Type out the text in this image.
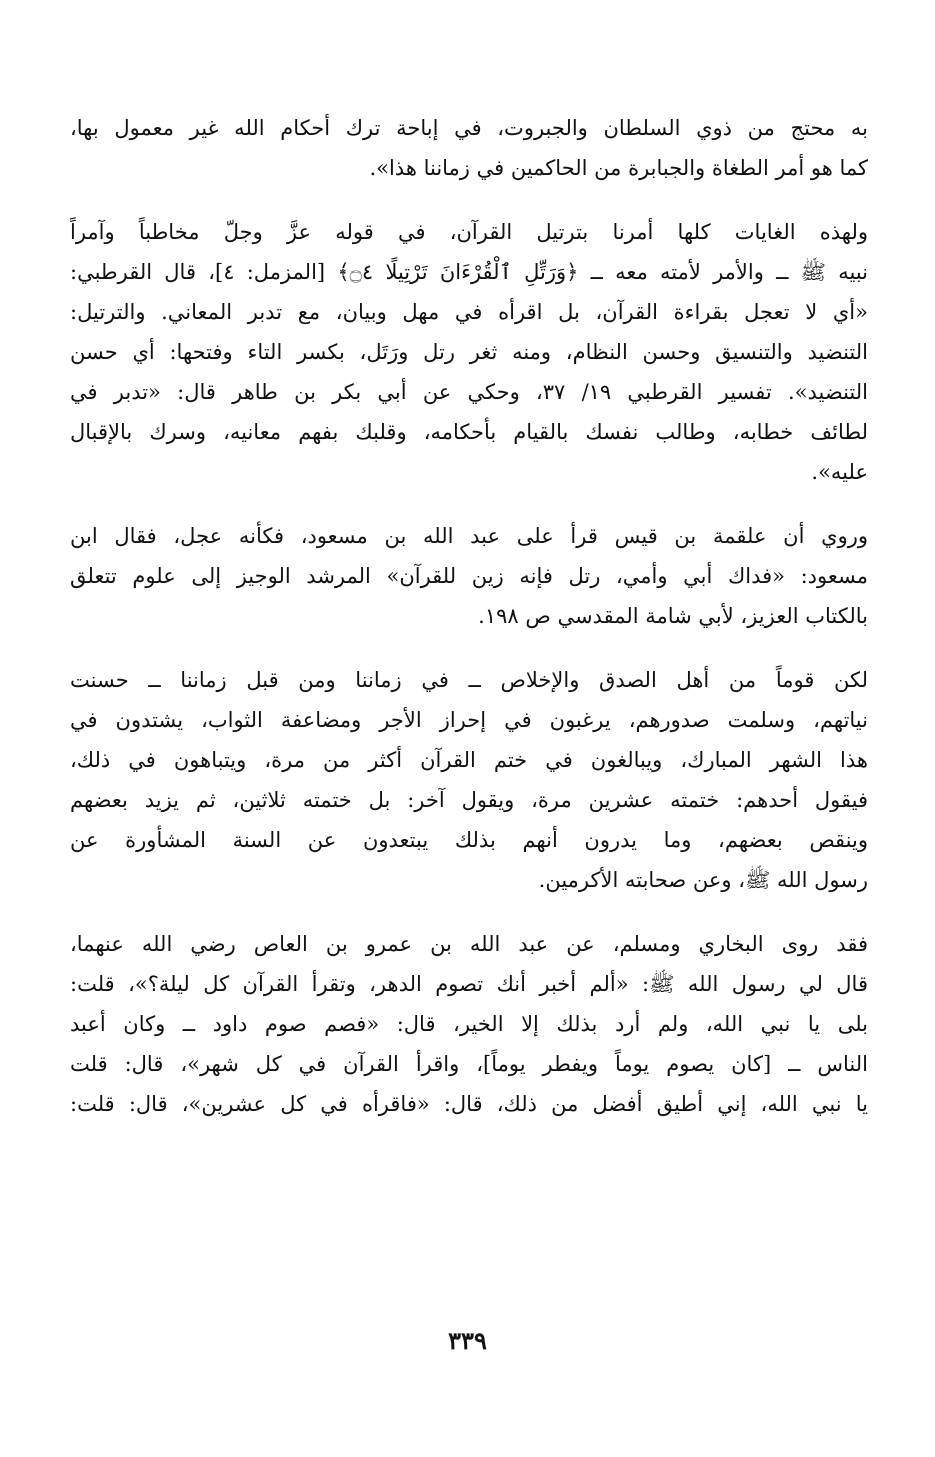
به محتج من ذوي السلطان والجبروت، في إباحة ترك أحكام الله غير معمول بها،
كما هو أمر الطغاة والجبابرة من الحاكمين في زماننا هذا».
ولهذه الغايات كلها أمرنا بترتيل القرآن، في قوله عزَّ وجلّ مخاطباً وآمراً
نبيه ﷺ ــ والأمر لأمته معه ــ ﴿وَرَتِّلِ ٱلْقُرْءَانَ تَرْتِيلًا ۝٤﴾ [المزمل: ٤]، قال القرطبي:
«أي لا تعجل بقراءة القرآن، بل اقرأه في مهل وبيان، مع تدبر المعاني. والترتيل:
التنضيد والتنسيق وحسن النظام، ومنه ثغر رتل ورَتَل، بكسر التاء وفتحها: أي حسن
التنضيد». تفسير القرطبي ١٩/ ٣٧، وحكي عن أبي بكر بن طاهر قال: «تدبر في
لطائف خطابه، وطالب نفسك بالقيام بأحكامه، وقلبك بفهم معانيه، وسرك بالإقبال
عليه».
وروي أن علقمة بن قيس قرأ على عبد الله بن مسعود، فكأنه عجل، فقال ابن
مسعود: «فداك أبي وأمي، رتل فإنه زين للقرآن» المرشد الوجيز إلى علوم تتعلق
بالكتاب العزيز، لأبي شامة المقدسي ص ١٩٨.
لكن قوماً من أهل الصدق والإخلاص ــ في زماننا ومن قبل زماننا ــ حسنت
نياتهم، وسلمت صدورهم، يرغبون في إحراز الأجر ومضاعفة الثواب، يشتدون في
هذا الشهر المبارك، ويبالغون في ختم القرآن أكثر من مرة، ويتباهون في ذلك،
فيقول أحدهم: ختمته عشرين مرة، ويقول آخر: بل ختمته ثلاثين، ثم يزيد بعضهم
وينقص بعضهم، وما يدرون أنهم بذلك يبتعدون عن السنة المشأورة عن
رسول الله ﷺ، وعن صحابته الأكرمين.
فقد روى البخاري ومسلم، عن عبد الله بن عمرو بن العاص رضي الله عنهما،
قال لي رسول الله ﷺ: «ألم أخبر أنك تصوم الدهر، وتقرأ القرآن كل ليلة؟»، قلت:
بلى يا نبي الله، ولم أرد بذلك إلا الخير، قال: «فصم صوم داود ــ وكان أعبد
الناس ــ [كان يصوم يوماً ويفطر يوماً]، واقرأ القرآن في كل شهر»، قال: قلت
يا نبي الله، إني أطيق أفضل من ذلك، قال: «فاقرأه في كل عشرين»، قال: قلت:
٣٣٩
